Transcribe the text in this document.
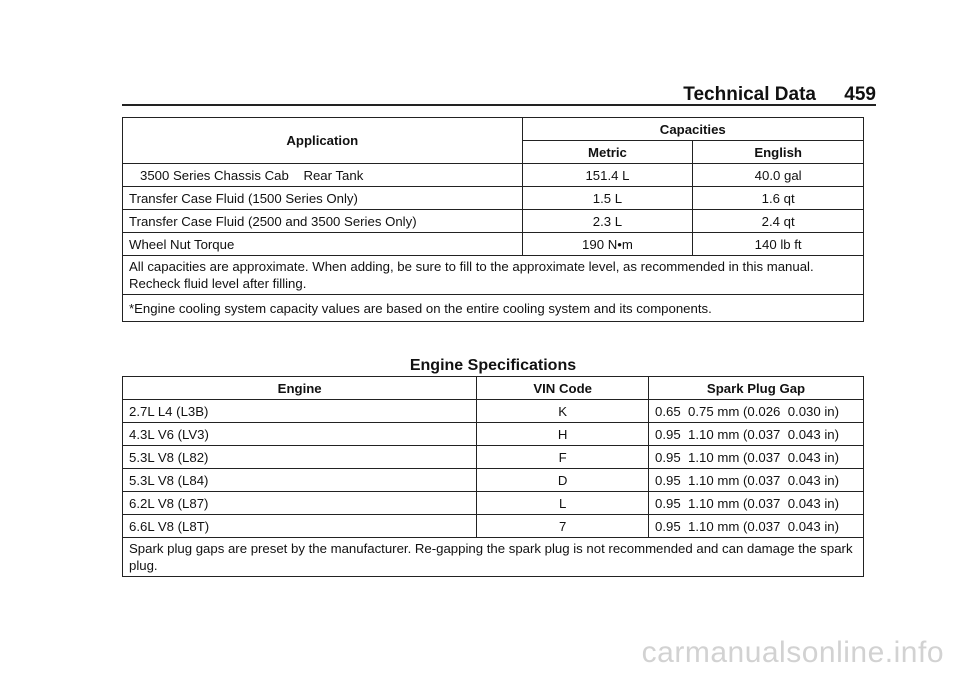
Technical Data 459
Application	Capacities	
	Metric	English
3500 Series Chassis Cab    Rear Tank	151.4 L	40.0 gal
Transfer Case Fluid (1500 Series Only)	1.5 L	1.6 qt
Transfer Case Fluid (2500 and 3500 Series Only)	2.3 L	2.4 qt
Wheel Nut Torque	190 N•m	140 lb ft
All capacities are approximate. When adding, be sure to fill to the approximate level, as recommended in this manual. Recheck fluid level after filling.		
*Engine cooling system capacity values are based on the entire cooling system and its components.		
Engine Specifications
Engine	VIN Code	Spark Plug Gap
2.7L L4 (L3B)	K	0.65  0.75 mm (0.026  0.030 in)
4.3L V6 (LV3)	H	0.95  1.10 mm (0.037  0.043 in)
5.3L V8 (L82)	F	0.95  1.10 mm (0.037  0.043 in)
5.3L V8 (L84)	D	0.95  1.10 mm (0.037  0.043 in)
6.2L V8 (L87)	L	0.95  1.10 mm (0.037  0.043 in)
6.6L V8 (L8T)	7	0.95  1.10 mm (0.037  0.043 in)
Spark plug gaps are preset by the manufacturer. Re-gapping the spark plug is not recommended and can damage the spark plug.		
carmanualsonline.info
